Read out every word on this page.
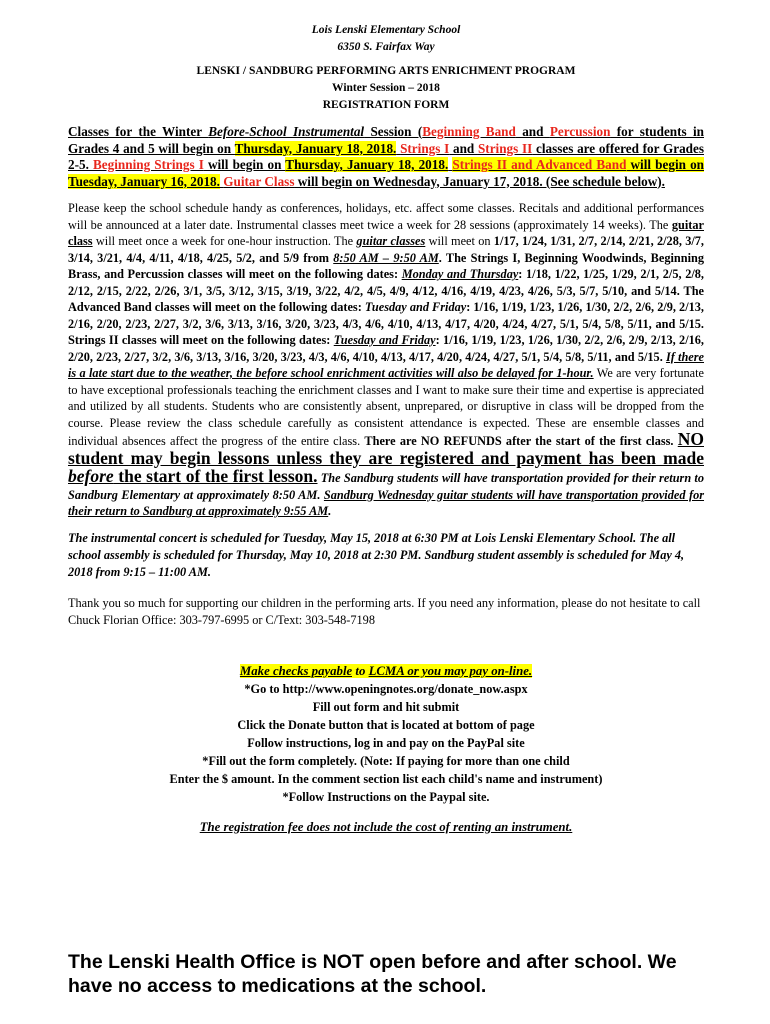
Lois Lenski Elementary School
6350 S. Fairfax Way
LENSKI / SANDBURG PERFORMING ARTS ENRICHMENT PROGRAM
Winter Session – 2018
REGISTRATION FORM

Classes for the Winter Before-School Instrumental Session (Beginning Band and Percussion for students in Grades 4 and 5 will begin on Thursday, January 18, 2018. Strings I and Strings II classes are offered for Grades 2-5. Beginning Strings I will begin on Thursday, January 18, 2018. Strings II and Advanced Band will begin on Tuesday, January 16, 2018. Guitar Class will begin on Wednesday, January 17, 2018. (See schedule below).

Please keep the school schedule handy as conferences, holidays, etc. affect some classes. Recitals and additional performances will be announced at a later date. Instrumental classes meet twice a week for 28 sessions (approximately 14 weeks). The guitar class will meet once a week for one-hour instruction. The guitar classes will meet on 1/17, 1/24, 1/31, 2/7, 2/14, 2/21, 2/28, 3/7, 3/14, 3/21, 4/4, 4/11, 4/18, 4/25, 5/2, and 5/9 from 8:50 AM – 9:50 AM. The Strings I, Beginning Woodwinds, Beginning Brass, and Percussion classes will meet on the following dates: Monday and Thursday: 1/18, 1/22, 1/25, 1/29, 2/1, 2/5, 2/8, 2/12, 2/15, 2/22, 2/26, 3/1, 3/5, 3/12, 3/15, 3/19, 3/22, 4/2, 4/5, 4/9, 4/12, 4/16, 4/19, 4/23, 4/26, 5/3, 5/7, 5/10, and 5/14. The Advanced Band classes will meet on the following dates: Tuesday and Friday: 1/16, 1/19, 1/23, 1/26, 1/30, 2/2, 2/6, 2/9, 2/13, 2/16, 2/20, 2/23, 2/27, 3/2, 3/6, 3/13, 3/16, 3/20, 3/23, 4/3, 4/6, 4/10, 4/13, 4/17, 4/20, 4/24, 4/27, 5/1, 5/4, 5/8, 5/11, and 5/15. Strings II classes will meet on the following dates: Tuesday and Friday: 1/16, 1/19, 1/23, 1/26, 1/30, 2/2, 2/6, 2/9, 2/13, 2/16, 2/20, 2/23, 2/27, 3/2, 3/6, 3/13, 3/16, 3/20, 3/23, 4/3, 4/6, 4/10, 4/13, 4/17, 4/20, 4/24, 4/27, 5/1, 5/4, 5/8, 5/11, and 5/15. If there is a late start due to the weather, the before school enrichment activities will also be delayed for 1-hour. We are very fortunate to have exceptional professionals teaching the enrichment classes and I want to make sure their time and expertise is appreciated and utilized by all students. Students who are consistently absent, unprepared, or disruptive in class will be dropped from the course. Please review the class schedule carefully as consistent attendance is expected. These are ensemble classes and individual absences affect the progress of the entire class. There are NO REFUNDS after the start of the first class. NO student may begin lessons unless they are registered and payment has been made before the start of the first lesson. The Sandburg students will have transportation provided for their return to Sandburg Elementary at approximately 8:50 AM. Sandburg Wednesday guitar students will have transportation provided for their return to Sandburg at approximately 9:55 AM.

The instrumental concert is scheduled for Tuesday, May 15, 2018 at 6:30 PM at Lois Lenski Elementary School. The all school assembly is scheduled for Thursday, May 10, 2018 at 2:30 PM. Sandburg student assembly is scheduled for May 4, 2018 from 9:15 – 11:00 AM.

Thank you so much for supporting our children in the performing arts. If you need any information, please do not hesitate to call Chuck Florian Office: 303-797-6995 or C/Text: 303-548-7198

Make checks payable to LCMA or you may pay on-line.
*Go to http://www.openingnotes.org/donate_now.aspx
Fill out form and hit submit
Click the Donate button that is located at bottom of page
Follow instructions, log in and pay on the PayPal site
*Fill out the form completely. (Note: If paying for more than one child
Enter the $ amount. In the comment section list each child's name and instrument)
*Follow Instructions on the Paypal site.

The registration fee does not include the cost of renting an instrument.

The Lenski Health Office is NOT open before and after school. We have no access to medications at the school.
